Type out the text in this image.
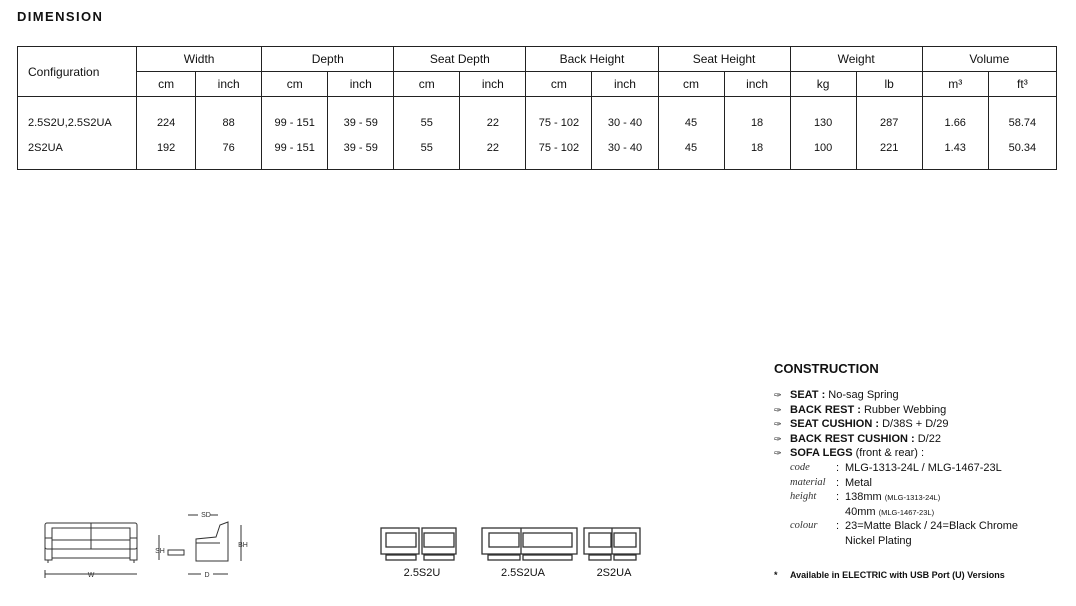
DIMENSION
Configuration	Width		Depth		Seat Depth		Back Height		Seat Height		Weight		Volume	
	cm	inch	cm	inch	cm	inch	cm	inch	cm	inch	kg	lb	m³	ft³
2.5S2U,2.5S2UA	224	88	99 - 151	39 - 59	55	22	75 - 102	30 - 40	45	18	130	287	1.66	58.74
2S2UA	192	76	99 - 151	39 - 59	55	22	75 - 102	30 - 40	45	18	100	221	1.43	50.34
CONSTRUCTION
✑ SEAT : No-sag Spring
✑ BACK REST : Rubber Webbing
✑ SEAT CUSHION : D/38S + D/29
✑ BACK REST CUSHION : D/22
✑ SOFA LEGS (front & rear) :
code : MLG-1313-24L / MLG-1467-23L
material : Metal
height : 138mm (MLG-1313-24L)
40mm (MLG-1467-23L)
colour : 23=Matte Black / 24=Black Chrome
Nickel Plating
* Available in ELECTRIC with USB Port (U) Versions
W
SD
SH
BH
D	2.5S2U	2.5S2UA	2S2UA
